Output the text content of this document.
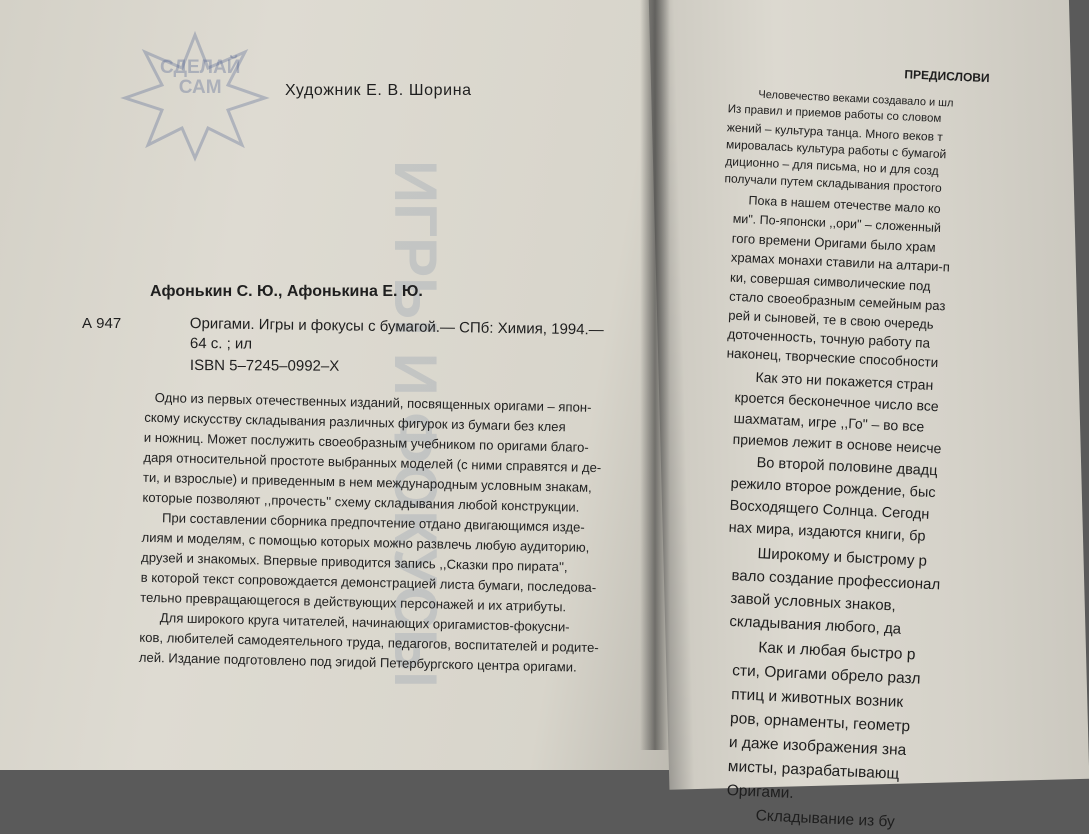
СДЕЛАЙ
САМ
ИГРЫ И ФОКУСЫ
Художник Е. В. Шорина
Афонькин С. Ю., Афонькина Е. Ю.
А 947	Оригами. Игры и фокусы с бумагой.— СПб: Химия, 1994.—
64 с. ; ил
ISBN 5–7245–0992–Х
Одно из первых отечественных изданий, посвященных оригами – япон-
скому искусству складывания различных фигурок из бумаги без клея
и ножниц. Может послужить своеобразным учебником по оригами благо-
даря относительной простоте выбранных моделей (с ними справятся и де-
ти, и взрослые) и приведенным в нем международным условным знакам,
которые позволяют ,,прочесть'' схему складывания любой конструкции.
При составлении сборника предпочтение отдано двигающимся изде-
лиям и моделям, с помощью которых можно развлечь любую аудиторию,
друзей и знакомых. Впервые приводится запись ,,Сказки про пирата'',
в которой текст сопровождается демонстрацией листа бумаги, последова-
тельно превращающегося в действующих персонажей и их атрибуты.
Для широкого круга читателей, начинающих оригамистов-фокусни-
ков, любителей самодеятельного труда, педагогов, воспитателей и родите-
лей. Издание подготовлено под эгидой Петербургского центра оригами.
ПРЕДИСЛОВИ
Человечество веками создавало и шл
Из правил и приемов работы со словом
жений – культура танца. Много веков т
мировалась культура работы с бумагой
диционно – для письма, но и для созд
получали путем складывания простого
Пока в нашем отечестве мало ко
ми". По-японски ,,ори" – сложенный
гого времени Оригами было храм
храмах монахи ставили на алтари-п
ки, совершая символические под
стало своеобразным семейным раз
рей и сыновей, те в свою очередь
доточенность, точную работу па
наконец, творческие способности
Как это ни покажется стран
кроется бесконечное число все
шахматам, игре ,,Го" – во все
приемов лежит в основе неисче
Во второй половине двадц
режило второе рождение, быс
Восходящего Солнца. Сегодн
нах мира, издаются книги, бр
Широкому и быстрому р
вало создание профессионал
завой условных знаков,
складывания любого, да
Как и любая быстро р
сти, Оригами обрело разл
птиц и животных возник
ров, орнаменты, геометр
и даже изображения зна
мисты, разрабатывающ
Оригами.
Складывание из бу
